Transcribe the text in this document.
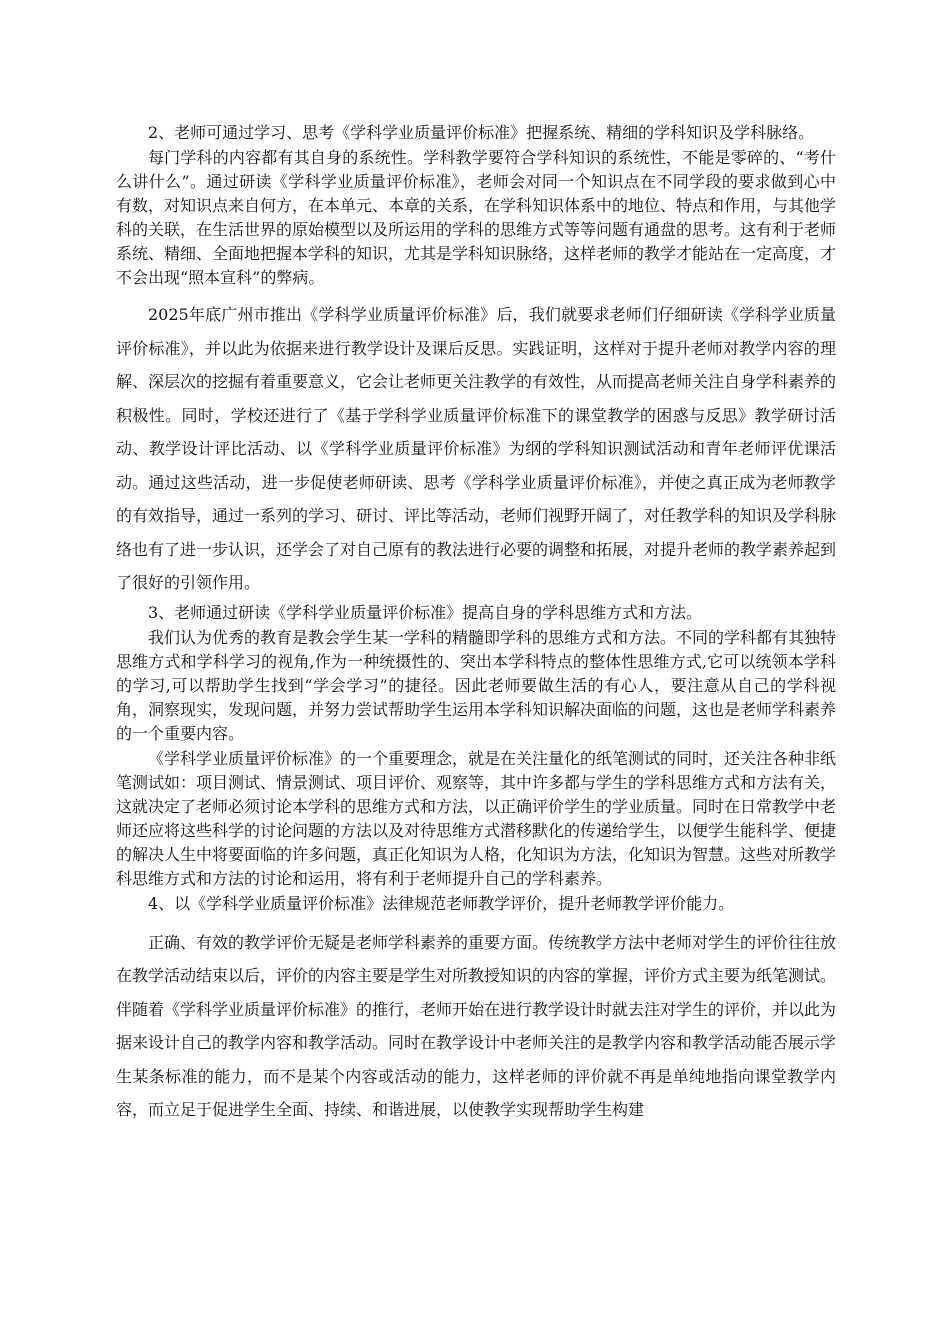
2、老师可通过学习、思考《学科学业质量评价标准》把握系统、精细的学科知识及学科脉络。

每门学科的内容都有其自身的系统性。学科教学要符合学科知识的系统性，不能是零碎的、“考什么讲什么”。通过研读《学科学业质量评价标准》，老师会对同一个知识点在不同学段的要求做到心中有数，对知识点来自何方，在本单元、本章的关系，在学科知识体系中的地位、特点和作用，与其他学科的关联，在生活世界的原始模型以及所运用的学科的思维方式等等问题有通盘的思考。这有利于老师系统、精细、全面地把握本学科的知识，尤其是学科知识脉络，这样老师的教学才能站在一定高度，才不会出现“照本宣科”的弊病。

2025年底广州市推出《学科学业质量评价标准》后，我们就要求老师们仔细研读《学科学业质量评价标准》，并以此为依据来进行教学设计及课后反思。实践证明，这样对于提升老师对教学内容的理解、深层次的挖掘有着重要意义，它会让老师更关注教学的有效性，从而提高老师关注自身学科素养的积极性。同时，学校还进行了《基于学科学业质量评价标准下的课堂教学的困惑与反思》教学研讨活动、教学设计评比活动、以《学科学业质量评价标准》为纲的学科知识测试活动和青年老师评优课活动。通过这些活动，进一步促使老师研读、思考《学科学业质量评价标准》，并使之真正成为老师教学的有效指导，通过一系列的学习、研讨、评比等活动，老师们视野开阔了，对任教学科的知识及学科脉络也有了进一步认识，还学会了对自己原有的教法进行必要的调整和拓展，对提升老师的教学素养起到了很好的引领作用。

3、老师通过研读《学科学业质量评价标准》提高自身的学科思维方式和方法。

我们认为优秀的教育是教会学生某一学科的精髓即学科的思维方式和方法。不同的学科都有其独特思维方式和学科学习的视角,作为一种统摄性的、突出本学科特点的整体性思维方式,它可以统领本学科的学习,可以帮助学生找到“学会学习”的捷径。因此老师要做生活的有心人，要注意从自己的学科视角，洞察现实，发现问题，并努力尝试帮助学生运用本学科知识解决面临的问题，这也是老师学科素养的一个重要内容。

《学科学业质量评价标准》的一个重要理念，就是在关注量化的纸笔测试的同时，还关注各种非纸笔测试如：项目测试、情景测试、项目评价、观察等，其中许多都与学生的学科思维方式和方法有关，这就决定了老师必须讨论本学科的思维方式和方法，以正确评价学生的学业质量。同时在日常教学中老师还应将这些科学的讨论问题的方法以及对待思维方式潜移默化的传递给学生，以便学生能科学、便捷的解决人生中将要面临的许多问题，真正化知识为人格，化知识为方法，化知识为智慧。这些对所教学科思维方式和方法的讨论和运用，将有利于老师提升自己的学科素养。

4、以《学科学业质量评价标准》法律规范老师教学评价，提升老师教学评价能力。

正确、有效的教学评价无疑是老师学科素养的重要方面。传统教学方法中老师对学生的评价往往放在教学活动结束以后，评价的内容主要是学生对所教授知识的内容的掌握，评价方式主要为纸笔测试。伴随着《学科学业质量评价标准》的推行，老师开始在进行教学设计时就去注对学生的评价，并以此为据来设计自己的教学内容和教学活动。同时在教学设计中老师关注的是教学内容和教学活动能否展示学生某条标准的能力，而不是某个内容或活动的能力，这样老师的评价就不再是单纯地指向课堂教学内容，而立足于促进学生全面、持续、和谐进展，以使教学实现帮助学生构建
